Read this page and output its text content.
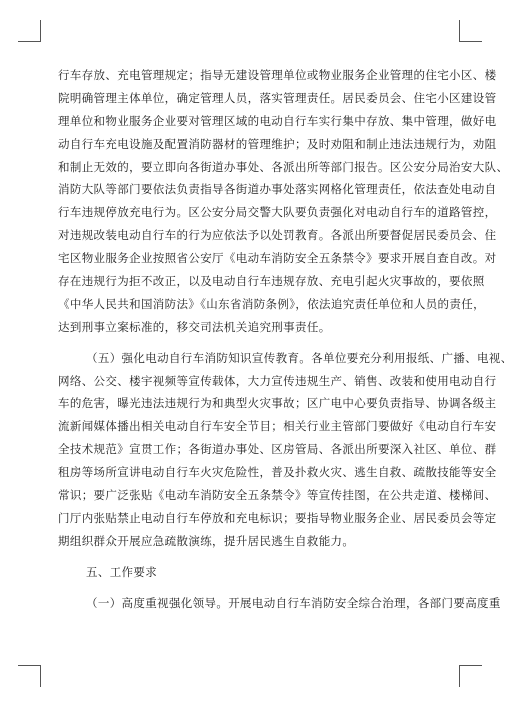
行车存放、充电管理规定；指导无建设管理单位或物业服务企业管理的住宅小区、楼
院明确管理主体单位，确定管理人员，落实管理责任。居民委员会、住宅小区建设管
理单位和物业服务企业要对管理区域的电动自行车实行集中存放、集中管理，做好电
动自行车充电设施及配置消防器材的管理维护；及时劝阻和制止违法违规行为，劝阻
和制止无效的，要立即向各街道办事处、各派出所等部门报告。区公安分局治安大队、
消防大队等部门要依法负责指导各街道办事处落实网格化管理责任，依法查处电动自
行车违规停放充电行为。区公安分局交警大队要负责强化对电动自行车的道路管控，
对违规改装电动自行车的行为应依法予以处罚教育。各派出所要督促居民委员会、住
宅区物业服务企业按照省公安厅《电动车消防安全五条禁令》要求开展自查自改。对
存在违规行为拒不改正，以及电动自行车违规存放、充电引起火灾事故的，要依照
《中华人民共和国消防法》《山东省消防条例》，依法追究责任单位和人员的责任，
达到刑事立案标准的，移交司法机关追究刑事责任。
（五）强化电动自行车消防知识宣传教育。各单位要充分利用报纸、广播、电视、
网络、公交、楼宇视频等宣传载体，大力宣传违规生产、销售、改装和使用电动自行
车的危害，曝光违法违规行为和典型火灾事故；区广电中心要负责指导、协调各级主
流新闻媒体播出相关电动自行车安全节目；相关行业主管部门要做好《电动自行车安
全技术规范》宣贯工作；各街道办事处、区房管局、各派出所要深入社区、单位、群
租房等场所宣讲电动自行车火灾危险性，普及扑救火灾、逃生自救、疏散技能等安全
常识；要广泛张贴《电动车消防安全五条禁令》等宣传挂图，在公共走道、楼梯间、
门厅内张贴禁止电动自行车停放和充电标识；要指导物业服务企业、居民委员会等定
期组织群众开展应急疏散演练，提升居民逃生自救能力。
五、工作要求
（一）高度重视强化领导。开展电动自行车消防安全综合治理，各部门要高度重
